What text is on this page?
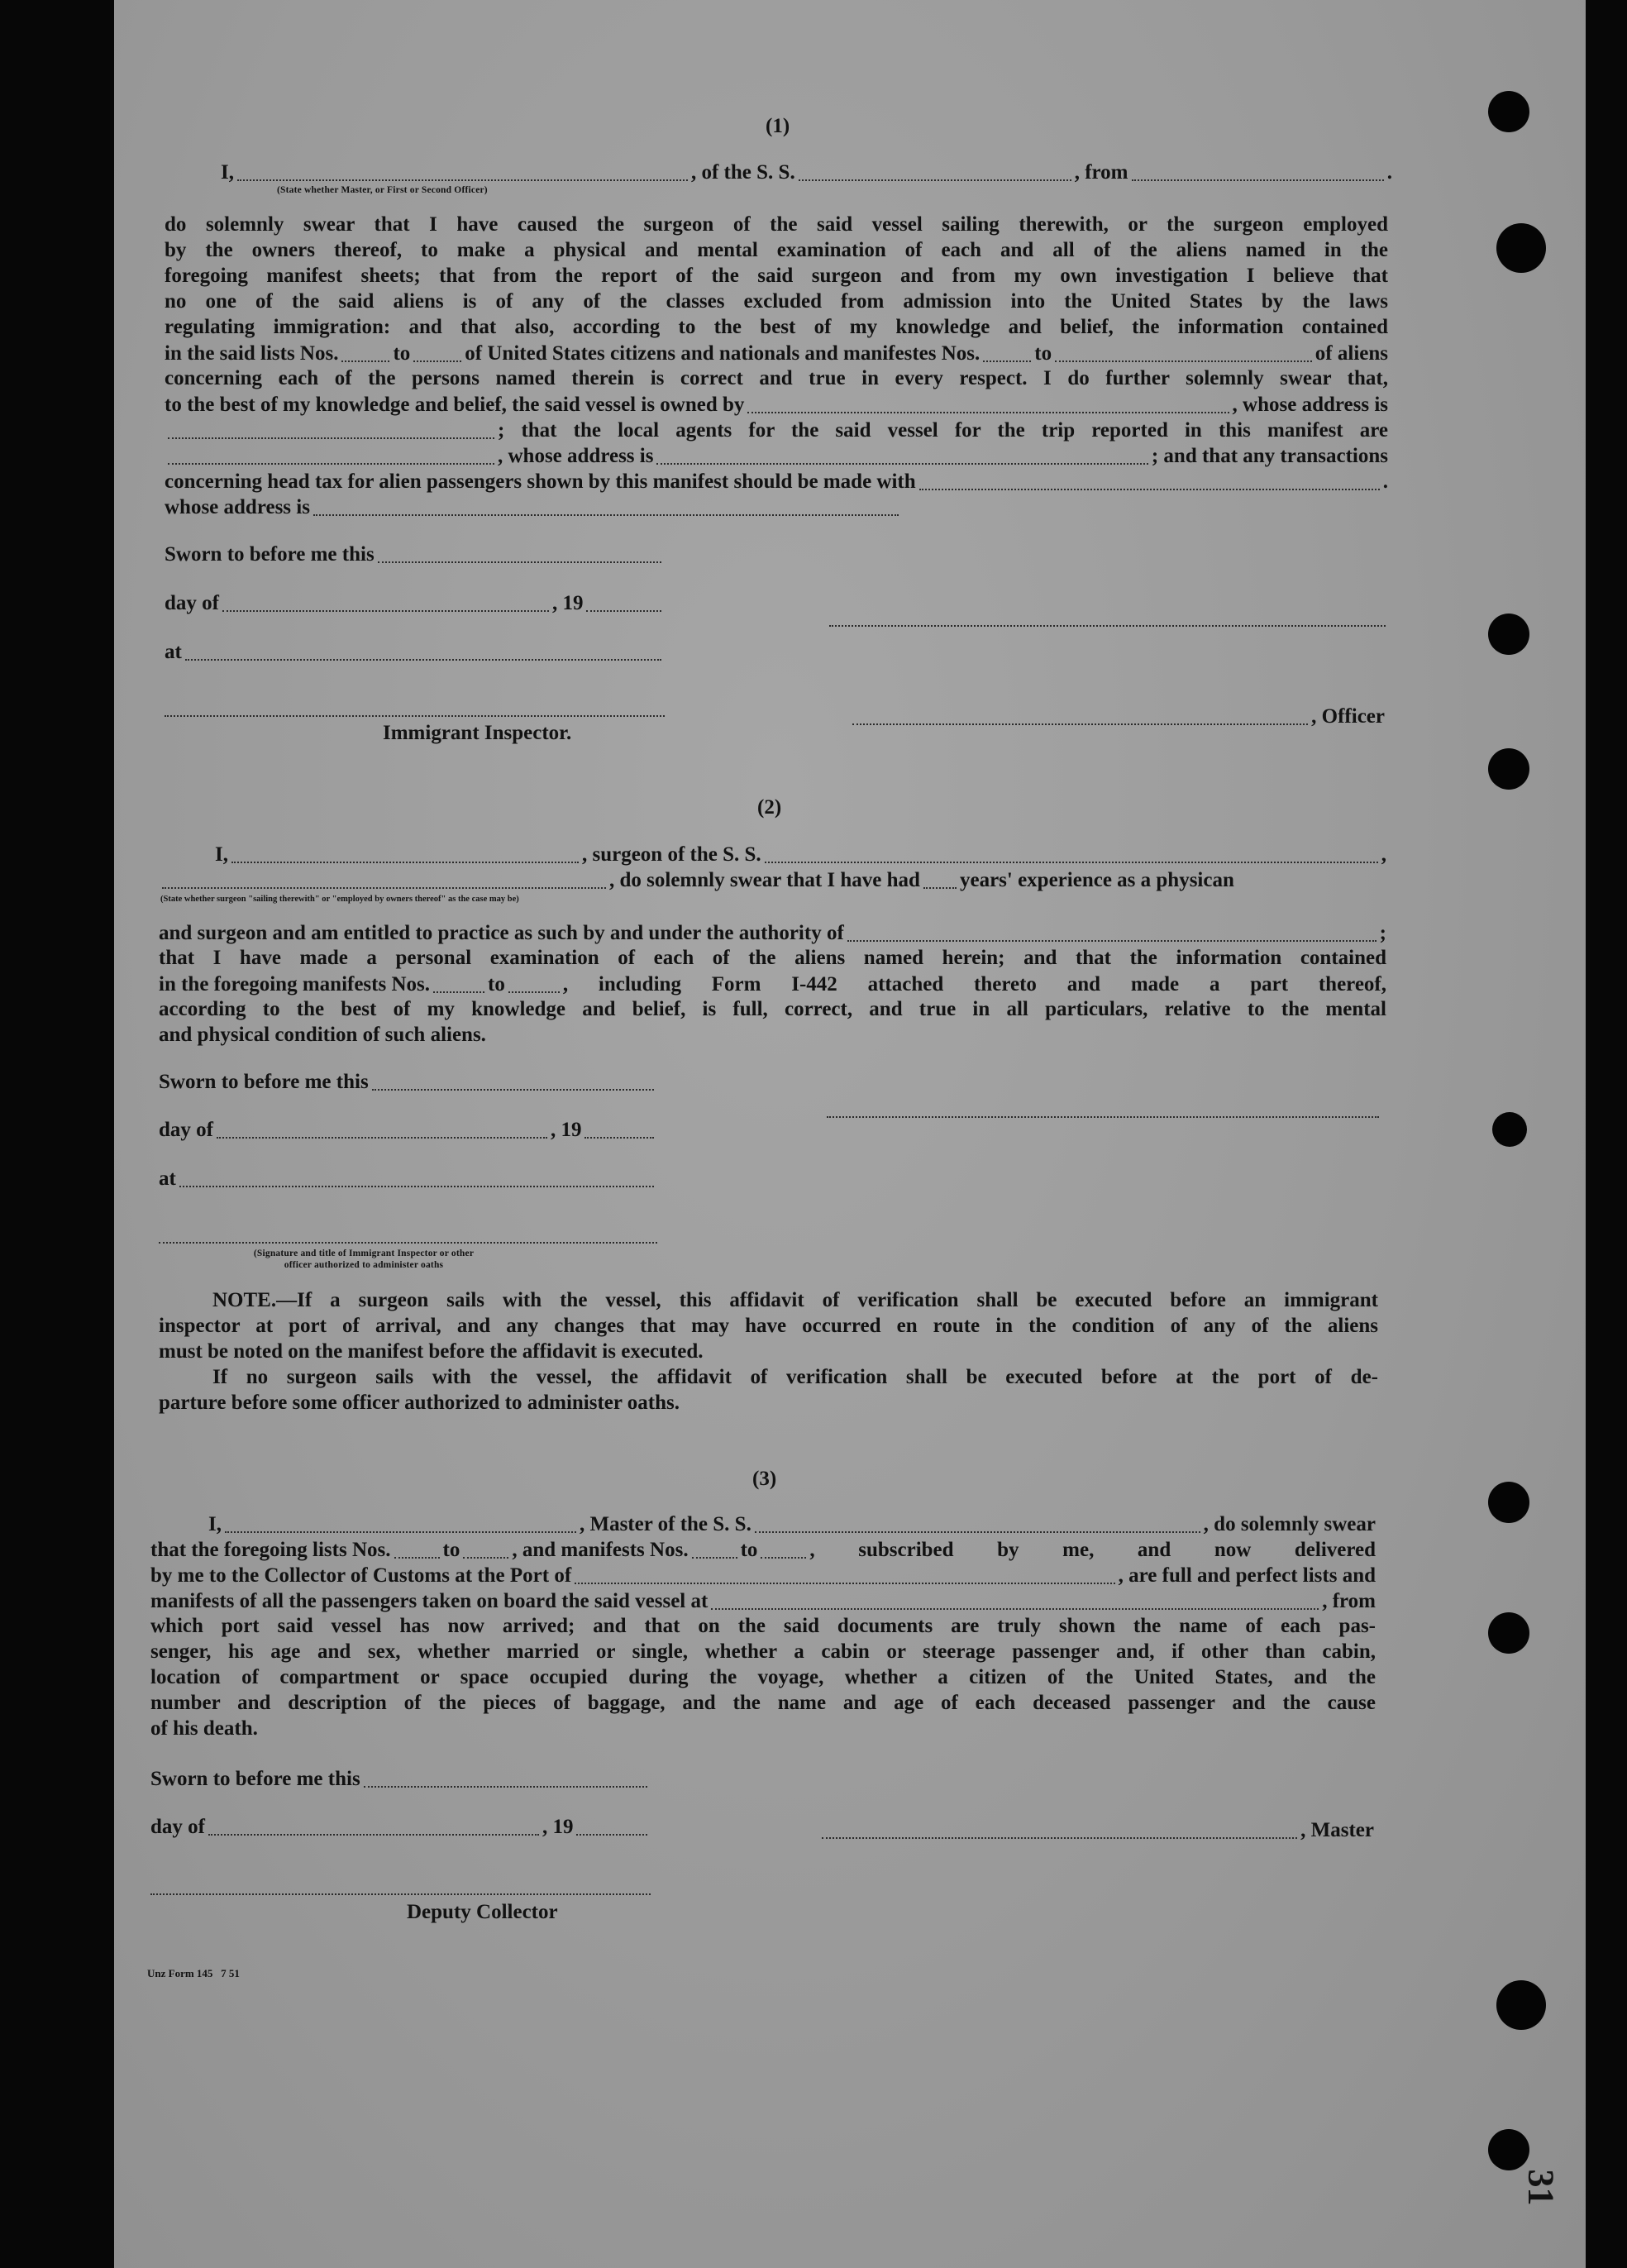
(1)
I,	, of the S. S.	, from	.
(State whether Master, or First or Second Officer)
do solemnly swear that I have caused the surgeon of the said vessel sailing therewith, or the surgeon employed
by the owners thereof, to make a physical and mental examination of each and all of the aliens named in the
foregoing manifest sheets; that from the report of the said surgeon and from my own investigation I believe that
no one of the said aliens is of any of the classes excluded from admission into the United States by the laws
regulating immigration: and that also, according to the best of my knowledge and belief, the information contained
in the said lists Nos.	to	of United States citizens and nationals and manifestes Nos.	to	of aliens
concerning each of the persons named therein is correct and true in every respect. I do further solemnly swear that,
to the best of my knowledge and belief, the said vessel is owned by	, whose address is
; that the local agents for the said vessel for the trip reported in this manifest are
, whose address is	; and that any transactions
concerning head tax for alien passengers shown by this manifest should be made with	.
whose address is
Sworn to before me this
day of	, 19
at
, Officer
Immigrant Inspector.
(2)
I,	, surgeon of the S. S.	,
, do solemnly swear that I have had years' experience as a physican
(State whether surgeon "sailing therewith" or "employed by owners thereof" as the case may be)
and surgeon and am entitled to practice as such by and under the authority of	;
that I have made a personal examination of each of the aliens named herein; and that the information contained
in the foregoing manifests Nos.	to	, including Form I-442 attached thereto and made a part thereof,
according to the best of my knowledge and belief, is full, correct, and true in all particulars, relative to the mental
and physical condition of such aliens.
Sworn to before me this
day of	, 19
at
(Signature and title of Immigrant Inspector or other
officer authorized to administer oaths
NOTE.—If a surgeon sails with the vessel, this affidavit of verification shall be executed before an immigrant
inspector at port of arrival, and any changes that may have occurred en route in the condition of any of the aliens
must be noted on the manifest before the affidavit is executed.
If no surgeon sails with the vessel, the affidavit of verification shall be executed before at the port of de-
parture before some officer authorized to administer oaths.
(3)
I,	, Master of the S. S.	, do solemnly swear
that the foregoing lists Nos.	to	, and manifests Nos.	to	, subscribed by me, and now delivered
by me to the Collector of Customs at the Port of	, are full and perfect lists and
manifests of all the passengers taken on board the said vessel at	, from
which port said vessel has now arrived; and that on the said documents are truly shown the name of each pas-
senger, his age and sex, whether married or single, whether a cabin or steerage passenger and, if other than cabin,
location of compartment or space occupied during the voyage, whether a citizen of the United States, and the
number and description of the pieces of baggage, and the name and age of each deceased passenger and the cause
of his death.
Sworn to before me this
day of	, 19	, Master
Deputy Collector
Unz Form 145   7 51
31
